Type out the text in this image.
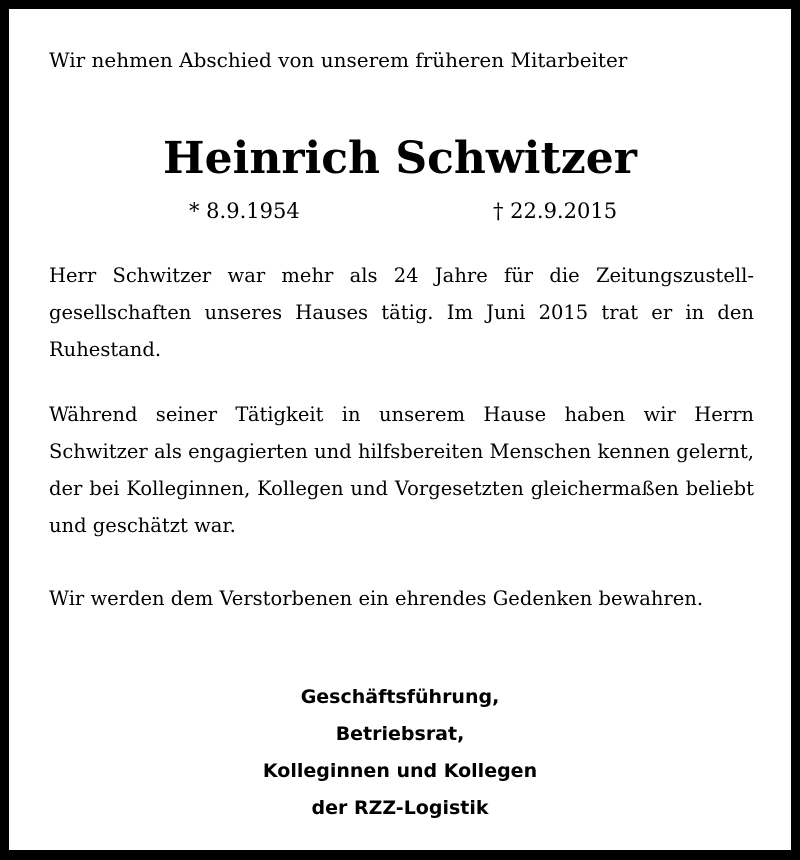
Wir nehmen Abschied von unserem früheren Mitarbeiter
Heinrich Schwitzer
* 8.9.1954	† 22.9.2015

Herr Schwitzer war mehr als 24 Jahre für die Zeitungszustellgesellschaften unseres Hauses tätig. Im Juni 2015 trat er in den Ruhestand.

Während seiner Tätigkeit in unserem Hause haben wir Herrn Schwitzer als engagierten und hilfsbereiten Menschen kennen gelernt, der bei Kolleginnen, Kollegen und Vorgesetzten gleichermaßen beliebt und geschätzt war.

Wir werden dem Verstorbenen ein ehrendes Gedenken bewahren.

Geschäftsführung,
Betriebsrat,
Kolleginnen und Kollegen
der RZZ-Logistik
